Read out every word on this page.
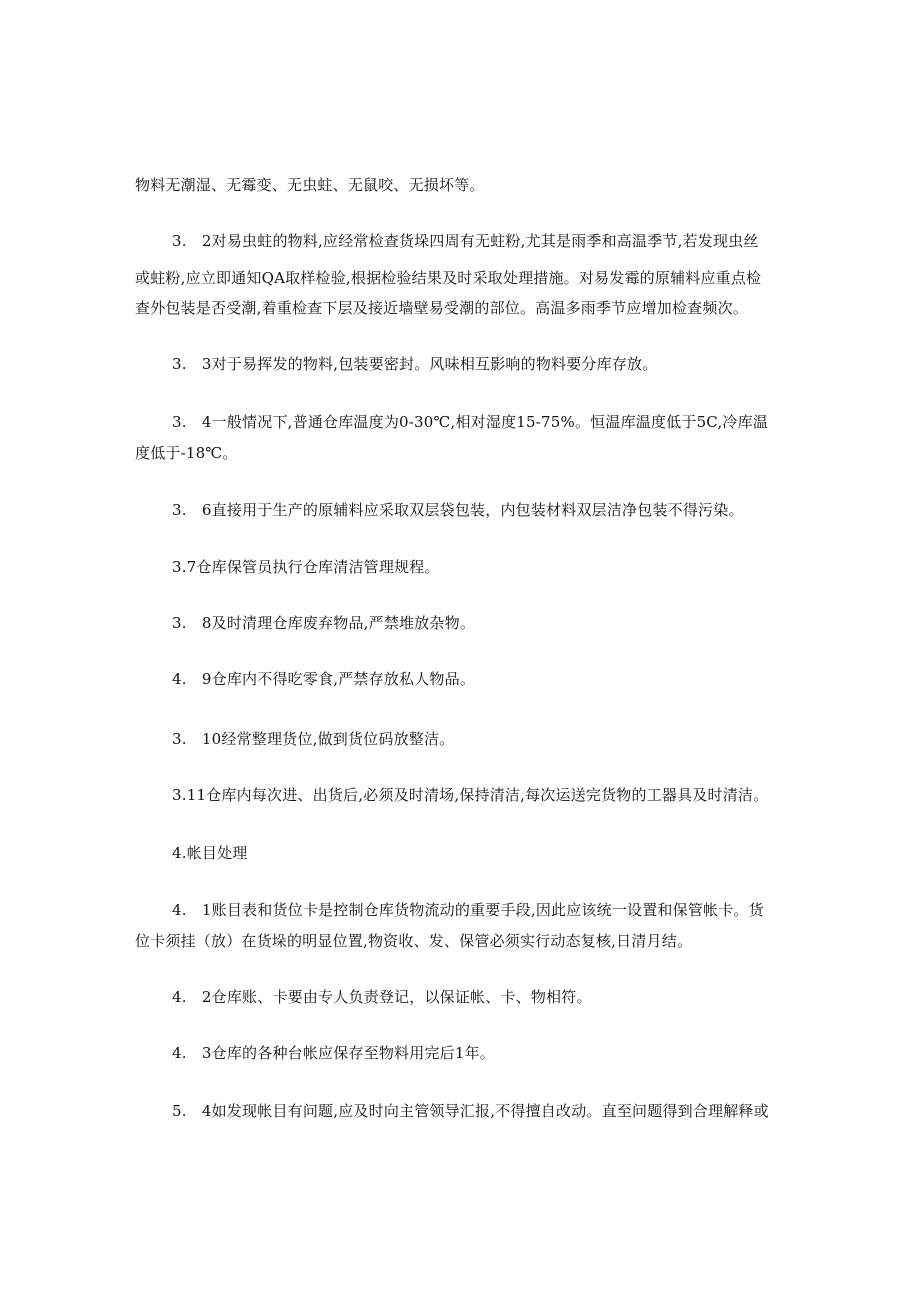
物料无潮湿、无霉变、无虫蛀、无鼠咬、无损坏等。

3.　2对易虫蛀的物料,应经常检查货垛四周有无蛀粉,尤其是雨季和高温季节,若发现虫丝

或蛀粉,应立即通知QA取样检验,根据检验结果及时采取处理措施。对易发霉的原辅料应重点检

查外包装是否受潮,着重检查下层及接近墙壁易受潮的部位。高温多雨季节应增加检查频次。

3.　3对于易挥发的物料,包装要密封。风味相互影响的物料要分库存放。

3.　4一般情况下,普通仓库温度为0-30℃,相对湿度15-75%。恒温库温度低于5C,冷库温

度低于-18℃。

3.　6直接用于生产的原辅料应采取双层袋包装，内包装材料双层洁净包装不得污染。

3.7仓库保管员执行仓库清洁管理规程。

3.　8及时清理仓库废弃物品,严禁堆放杂物。

4.　9仓库内不得吃零食,严禁存放私人物品。

3.　10经常整理货位,做到货位码放整洁。

3.11仓库内每次进、出货后,必须及时清场,保持清洁,每次运送完货物的工器具及时清洁。

4.帐目处理

4.　1账目表和货位卡是控制仓库货物流动的重要手段,因此应该统一设置和保管帐卡。货

位卡须挂（放）在货垛的明显位置,物资收、发、保管必须实行动态复核,日清月结。

4.　2仓库账、卡要由专人负责登记，以保证帐、卡、物相符。

4.　3仓库的各种台帐应保存至物料用完后1年。

5.　4如发现帐目有问题,应及时向主管领导汇报,不得擅自改动。直至问题得到合理解释或
